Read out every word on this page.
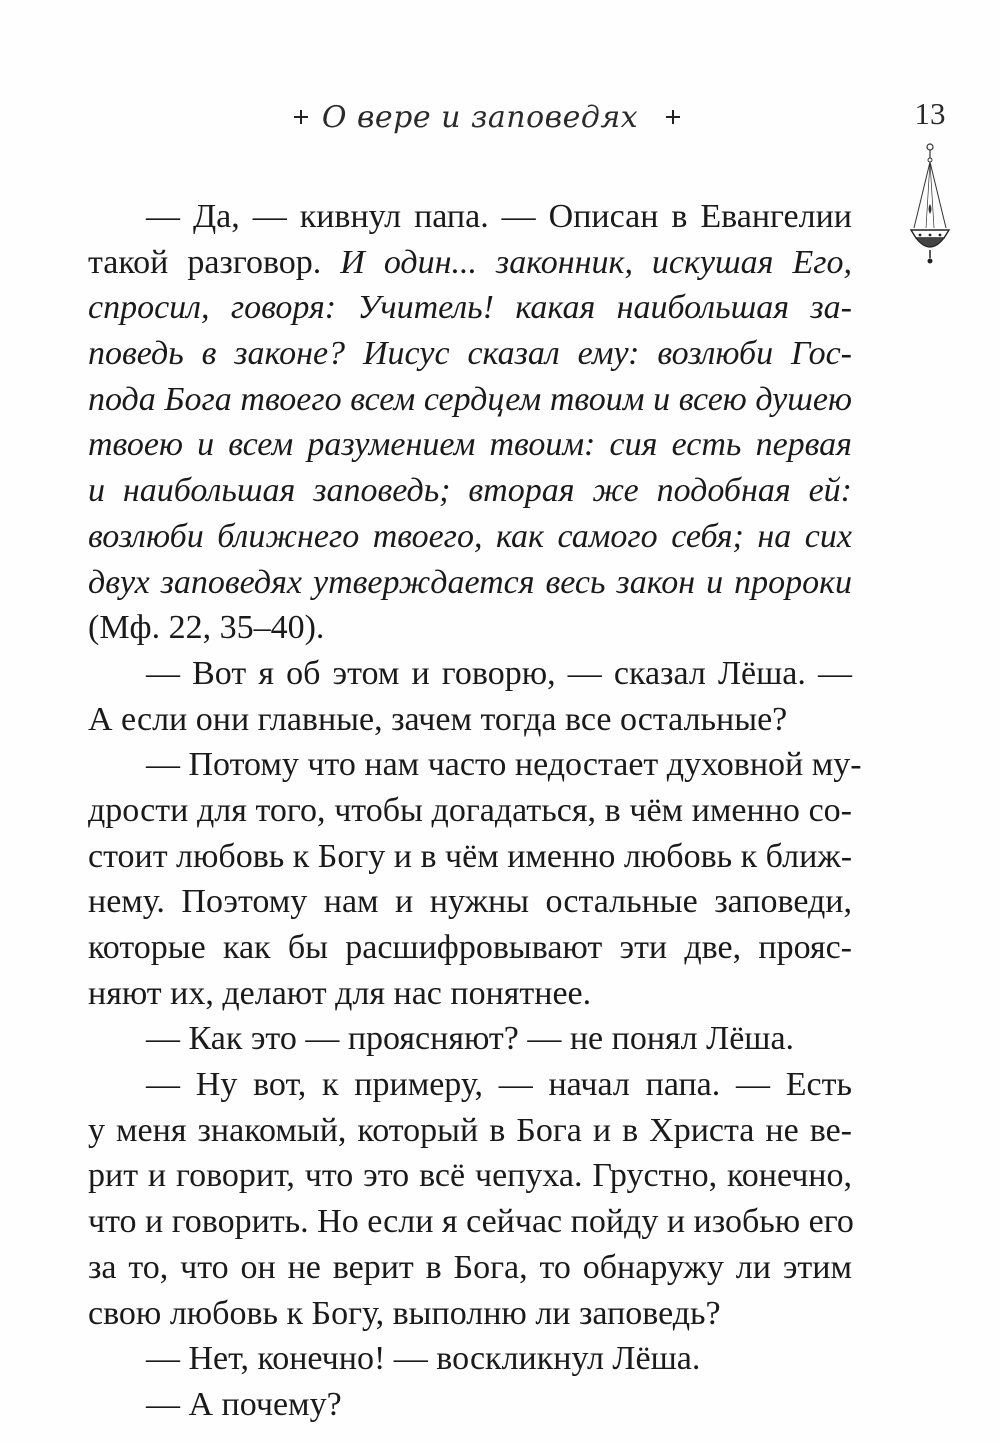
О вере и заповедях	13
— Да, — кивнул папа. — Описан в Евангелии
такой разговор. И один... законник, искушая Его,
спросил, говоря: Учитель! какая наибольшая за-
поведь в законе? Иисус сказал ему: возлюби Гос-
пода Бога твоего всем сердцем твоим и всею душею
твоею и всем разумением твоим: сия есть первая
и наибольшая заповедь; вторая же подобная ей:
возлюби ближнего твоего, как самого себя; на сих
двух заповедях утверждается весь закон и пророки
(Мф. 22, 35–40).
— Вот я об этом и говорю, — сказал Лёша. —
А если они главные, зачем тогда все остальные?
— Потому что нам часто недостает духовной му-
дрости для того, чтобы догадаться, в чём именно со-
стоит любовь к Богу и в чём именно любовь к ближ-
нему. Поэтому нам и нужны остальные заповеди,
которые как бы расшифровывают эти две, прояс-
няют их, делают для нас понятнее.
— Как это — проясняют? — не понял Лёша.
— Ну вот, к примеру, — начал папа. — Есть
у меня знакомый, который в Бога и в Христа не ве-
рит и говорит, что это всё чепуха. Грустно, конечно,
что и говорить. Но если я сейчас пойду и изобью его
за то, что он не верит в Бога, то обнаружу ли этим
свою любовь к Богу, выполню ли заповедь?
— Нет, конечно! — воскликнул Лёша.
— А почему?
